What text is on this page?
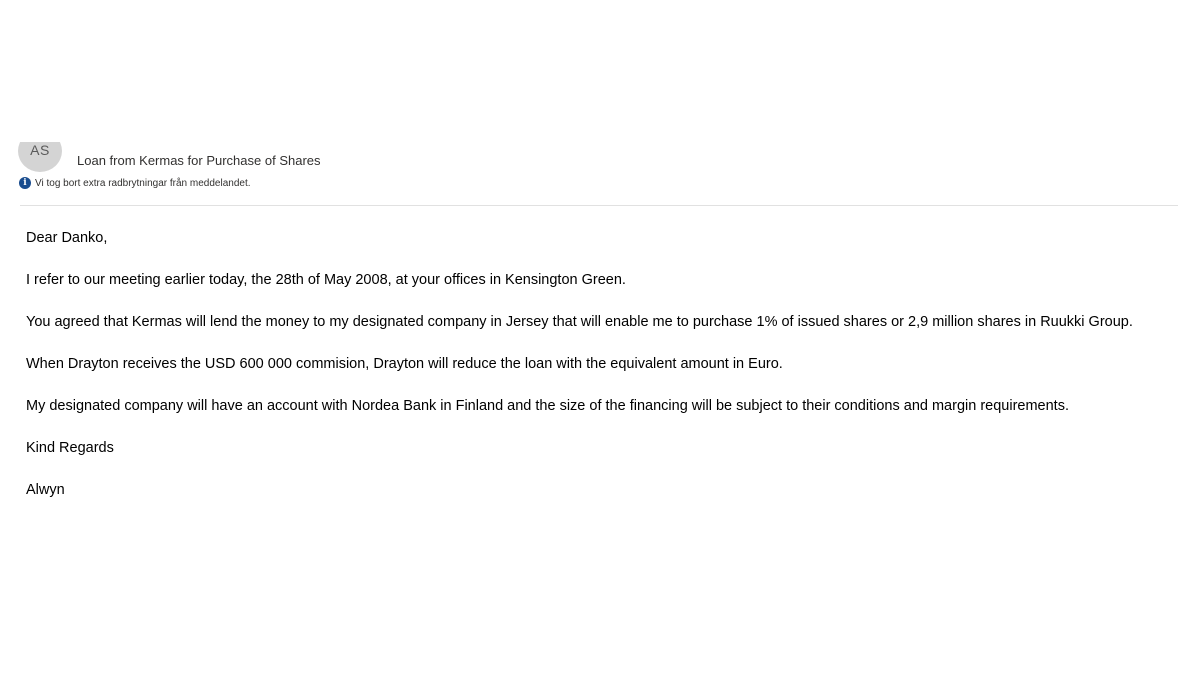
AS
Loan from Kermas for Purchase of Shares
i Vi tog bort extra radbrytningar från meddelandet.

Dear Danko,

I refer to our meeting earlier today, the 28th of May 2008, at your offices in Kensington Green.

You agreed that Kermas will lend the money to my designated company in Jersey that will enable me to purchase 1% of issued shares or 2,9 million shares in Ruukki Group.

When Drayton receives the USD 600 000 commision, Drayton will reduce the loan with the equivalent amount in Euro.

My designated company will have an account with Nordea Bank in Finland and the size of the financing will be subject to their conditions and margin requirements.

Kind Regards

Alwyn
